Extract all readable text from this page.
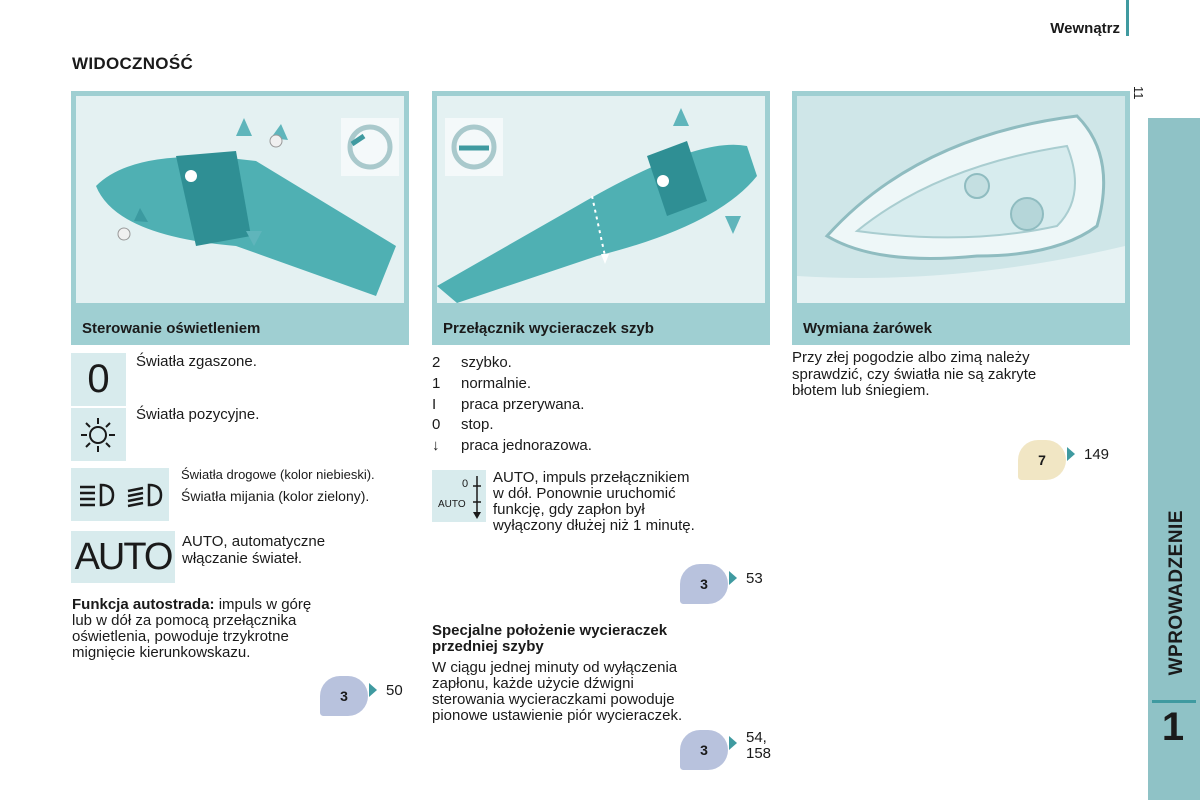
Wewnątrz
11
WIDOCZNOŚĆ
WPROWADZENIE
1
Sterowanie oświetleniem	Przełącznik wycieraczek szyb	Wymiana żarówek
0	Światła zgaszone.
Światła pozycyjne.
Światła drogowe (kolor niebieski).
Światła mijania (kolor zielony).
AUTO AUTO, automatyczne
włączanie świateł.
Funkcja autostrada: impuls w górę
lub w dół za pomocą przełącznika
oświetlenia, powoduje trzykrotne
mignięcie kierunkowskazu.
3	50
2 szybko.
1 normalnie.
I praca przerywana.
0 stop.
↓ praca jednorazowa.
0
AUTO
AUTO, impuls przełącznikiem
w dół. Ponownie uruchomić
funkcję, gdy zapłon był
wyłączony dłużej niż 1 minutę.
3	53
Specjalne położenie wycieraczek
przedniej szyby
W ciągu jednej minuty od wyłączenia
zapłonu, każde użycie dźwigni
sterowania wycieraczkami powoduje
pionowe ustawienie piór wycieraczek.
3
54,
158
Przy złej pogodzie albo zimą należy
sprawdzić, czy światła nie są zakryte
błotem lub śniegiem.
7	149
